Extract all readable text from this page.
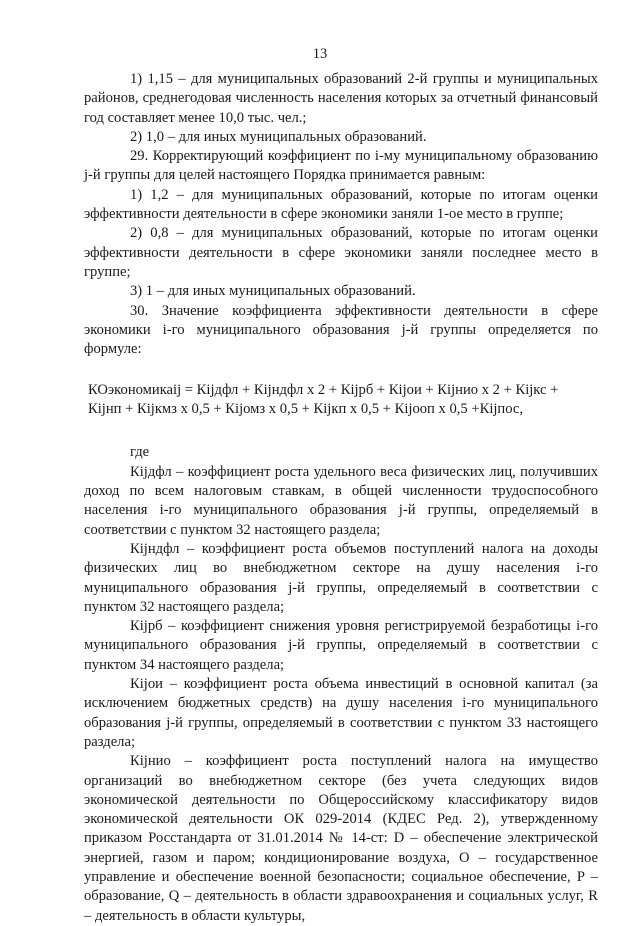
13

1) 1,15 – для муниципальных образований 2-й группы и муниципальных районов, среднегодовая численность населения которых за отчетный финансовый год составляет менее 10,0 тыс. чел.;

2) 1,0 – для иных муниципальных образований.

29. Корректирующий коэффициент по i-му муниципальному образованию j-й группы для целей настоящего Порядка принимается равным:

1) 1,2 – для муниципальных образований, которые по итогам оценки эффективности деятельности в сфере экономики заняли 1-ое место в группе;

2) 0,8 – для муниципальных образований, которые по итогам оценки эффективности деятельности в сфере экономики заняли последнее место в группе;

3) 1 – для иных муниципальных образований.

30. Значение коэффициента эффективности деятельности в сфере экономики i-го муниципального образования j-й группы определяется по формуле:

КОэкономикаij = Кijдфл + Кijндфл х 2 + Кijрб + Кijои + Кijнио х 2 + Кijкс +
Кijнп + Кijкмз х 0,5 + Кijомз х 0,5 + Кijкп х 0,5 + Кijооп х 0,5 +Кijпос,

где

Кijдфл – коэффициент роста удельного веса физических лиц, получивших доход по всем налоговым ставкам, в общей численности трудоспособного населения i-го муниципального образования j-й группы, определяемый в соответствии с пунктом 32 настоящего раздела;

Кijндфл – коэффициент роста объемов поступлений налога на доходы физических лиц во внебюджетном секторе на душу населения i-го муниципального образования j-й группы, определяемый в соответствии с пунктом 32 настоящего раздела;

Кijрб – коэффициент снижения уровня регистрируемой безработицы i-го муниципального образования j-й группы, определяемый в соответствии с пунктом 34 настоящего раздела;

Кijои – коэффициент роста объема инвестиций в основной капитал (за исключением бюджетных средств) на душу населения i-го муниципального образования j-й группы, определяемый в соответствии с пунктом 33 настоящего раздела;

Кijнио – коэффициент роста поступлений налога на имущество организаций во внебюджетном секторе (без учета следующих видов экономической деятельности по Общероссийскому классификатору видов экономической деятельности ОК 029-2014 (КДЕС Ред. 2), утвержденному приказом Росстандарта от 31.01.2014 № 14-ст: D – обеспечение электрической энергией, газом и паром; кондиционирование воздуха, O – государственное управление и обеспечение военной безопасности; социальное обеспечение, P – образование, Q – деятельность в области здравоохранения и социальных услуг, R – деятельность в области культуры,
